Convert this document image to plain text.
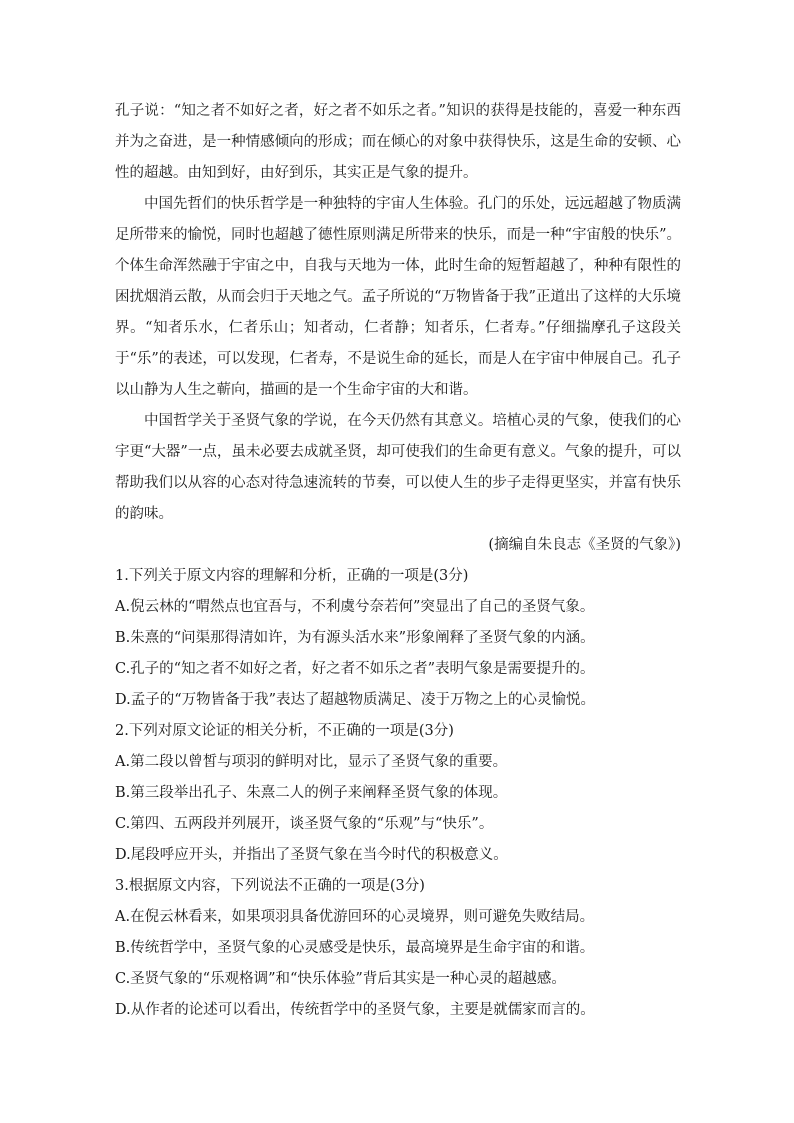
孔子说：“知之者不如好之者，好之者不如乐之者。”知识的获得是技能的，喜爱一种东西并为之奋进，是一种情感倾向的形成；而在倾心的对象中获得快乐，这是生命的安顿、心性的超越。由知到好，由好到乐，其实正是气象的提升。

中国先哲们的快乐哲学是一种独特的宇宙人生体验。孔门的乐处，远远超越了物质满足所带来的愉悦，同时也超越了德性原则满足所带来的快乐，而是一种“宇宙般的快乐”。个体生命浑然融于宇宙之中，自我与天地为一体，此时生命的短暂超越了，种种有限性的困扰烟消云散，从而会归于天地之气。孟子所说的“万物皆备于我”正道出了这样的大乐境界。“知者乐水，仁者乐山；知者动，仁者静；知者乐，仁者寿。”仔细揣摩孔子这段关于“乐”的表述，可以发现，仁者寿，不是说生命的延长，而是人在宇宙中伸展自己。孔子以山静为人生之蕲向，描画的是一个生命宇宙的大和谐。

中国哲学关于圣贤气象的学说，在今天仍然有其意义。培植心灵的气象，使我们的心宇更“大器”一点，虽未必要去成就圣贤，却可使我们的生命更有意义。气象的提升，可以帮助我们以从容的心态对待急速流转的节奏，可以使人生的步子走得更坚实，并富有快乐的韵味。

(摘编自朱良志《圣贤的气象》)

1.下列关于原文内容的理解和分析，正确的一项是(3分)

A.倪云林的“喟然点也宜吾与，不利虞兮奈若何”突显出了自己的圣贤气象。

B.朱熹的“问渠那得清如许，为有源头活水来”形象阐释了圣贤气象的内涵。

C.孔子的“知之者不如好之者，好之者不如乐之者”表明气象是需要提升的。

D.孟子的“万物皆备于我”表达了超越物质满足、凌于万物之上的心灵愉悦。

2.下列对原文论证的相关分析，不正确的一项是(3分)

A.第二段以曾皙与项羽的鲜明对比，显示了圣贤气象的重要。

B.第三段举出孔子、朱熹二人的例子来阐释圣贤气象的体现。

C.第四、五两段并列展开，谈圣贤气象的“乐观”与“快乐”。

D.尾段呼应开头，并指出了圣贤气象在当今时代的积极意义。

3.根据原文内容，下列说法不正确的一项是(3分)

A.在倪云林看来，如果项羽具备优游回环的心灵境界，则可避免失败结局。

B.传统哲学中，圣贤气象的心灵感受是快乐，最高境界是生命宇宙的和谐。

C.圣贤气象的“乐观格调”和“快乐体验”背后其实是一种心灵的超越感。

D.从作者的论述可以看出，传统哲学中的圣贤气象，主要是就儒家而言的。
